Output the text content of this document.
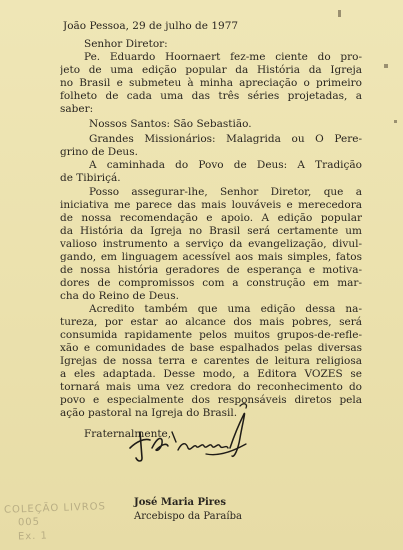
João Pessoa, 29 de julho de 1977
Senhor Diretor:
Pe. Eduardo Hoornaert fez-me ciente do pro-
jeto de uma edição popular da História da Igreja
no Brasil e submeteu à minha apreciação o primeiro
folheto de cada uma das três séries projetadas, a
saber:
Nossos Santos: São Sebastião.
Grandes Missionários: Malagrida ou O Pere-
grino de Deus.
A caminhada do Povo de Deus: A Tradição
de Tibiriçá.
Posso assegurar-lhe, Senhor Diretor, que a
iniciativa me parece das mais louváveis e merecedora
de nossa recomendação e apoio. A edição popular
da História da Igreja no Brasil será certamente um
valioso instrumento a serviço da evangelização, divul-
gando, em linguagem acessível aos mais simples, fatos
de nossa história geradores de esperança e motiva-
dores de compromissos com a construção em mar-
cha do Reino de Deus.
Acredito também que uma edição dessa na-
tureza, por estar ao alcance dos mais pobres, será
consumida rapidamente pelos muitos grupos-de-refle-
xão e comunidades de base espalhados pelas diversas
Igrejas de nossa terra e carentes de leitura religiosa
a eles adaptada. Desse modo, a Editora VOZES se
tornará mais uma vez credora do reconhecimento do
povo e especialmente dos responsáveis diretos pela
ação pastoral na Igreja do Brasil.
Fraternalmente,
José Maria Pires
Arcebispo da Paraíba
COLEÇÃO LIVROS
005
Ex. 1
